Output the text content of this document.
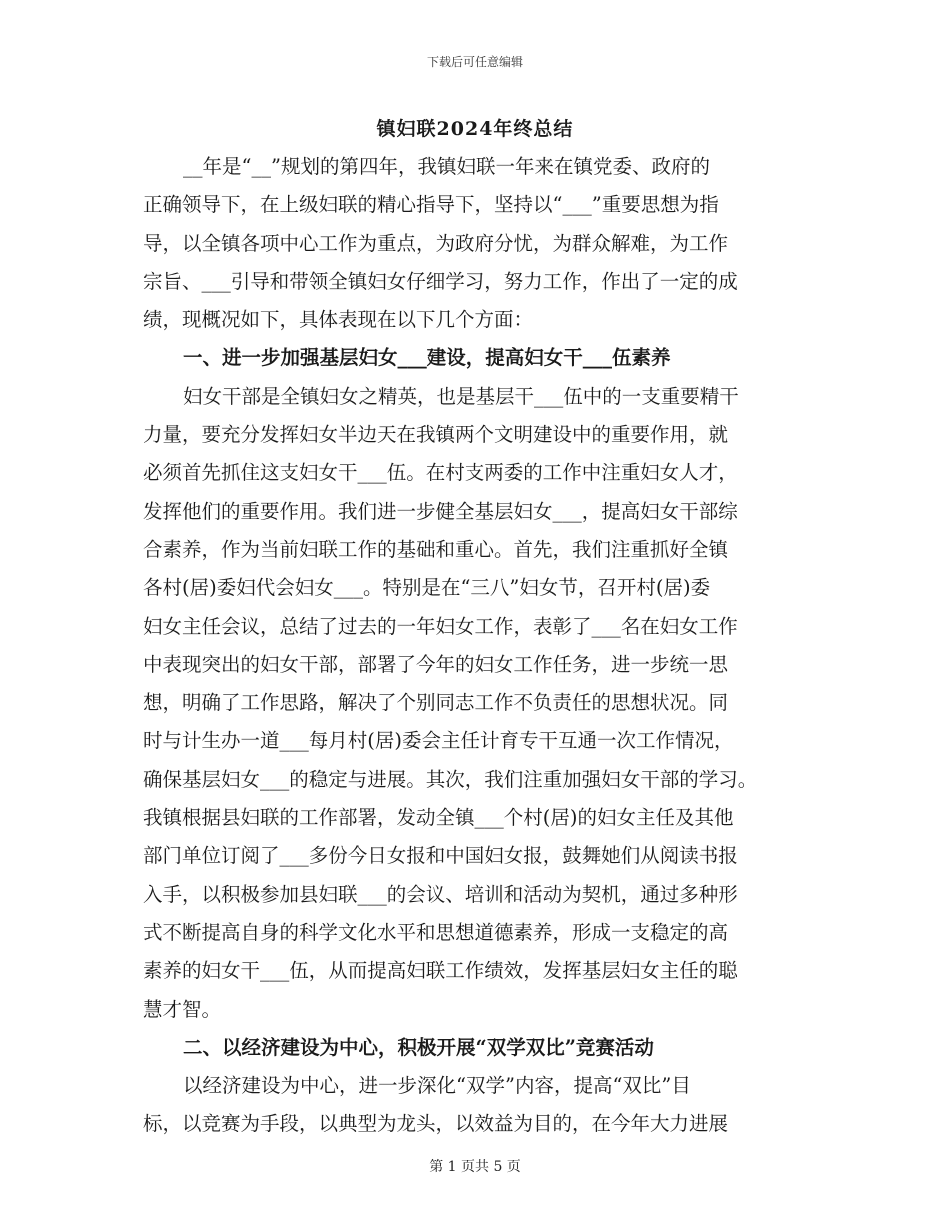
下载后可任意编辑
镇妇联2024年终总结
__年是“__”规划的第四年，我镇妇联一年来在镇党委、政府的
正确领导下，在上级妇联的精心指导下，坚持以“___”重要思想为指
导，以全镇各项中心工作为重点，为政府分忧，为群众解难，为工作
宗旨、___引导和带领全镇妇女仔细学习，努力工作，作出了一定的成
绩，现概况如下，具体表现在以下几个方面：
一、进一步加强基层妇女___建设，提高妇女干___伍素养
妇女干部是全镇妇女之精英，也是基层干___伍中的一支重要精干
力量，要充分发挥妇女半边天在我镇两个文明建设中的重要作用，就
必须首先抓住这支妇女干___伍。在村支两委的工作中注重妇女人才，
发挥他们的重要作用。我们进一步健全基层妇女___，提高妇女干部综
合素养，作为当前妇联工作的基础和重心。首先，我们注重抓好全镇
各村(居)委妇代会妇女___。特别是在“三八”妇女节，召开村(居)委
妇女主任会议，总结了过去的一年妇女工作，表彰了___名在妇女工作
中表现突出的妇女干部，部署了今年的妇女工作任务，进一步统一思
想，明确了工作思路，解决了个别同志工作不负责任的思想状况。同
时与计生办一道___每月村(居)委会主任计育专干互通一次工作情况，
确保基层妇女___的稳定与进展。其次，我们注重加强妇女干部的学习。
我镇根据县妇联的工作部署，发动全镇___个村(居)的妇女主任及其他
部门单位订阅了___多份今日女报和中国妇女报，鼓舞她们从阅读书报
入手，以积极参加县妇联___的会议、培训和活动为契机，通过多种形
式不断提高自身的科学文化水平和思想道德素养，形成一支稳定的高
素养的妇女干___伍，从而提高妇联工作绩效，发挥基层妇女主任的聪
慧才智。
二、以经济建设为中心，积极开展“双学双比”竞赛活动
以经济建设为中心，进一步深化“双学”内容，提高“双比”目
标，以竞赛为手段，以典型为龙头，以效益为目的，在今年大力进展
第 1 页共 5 页
